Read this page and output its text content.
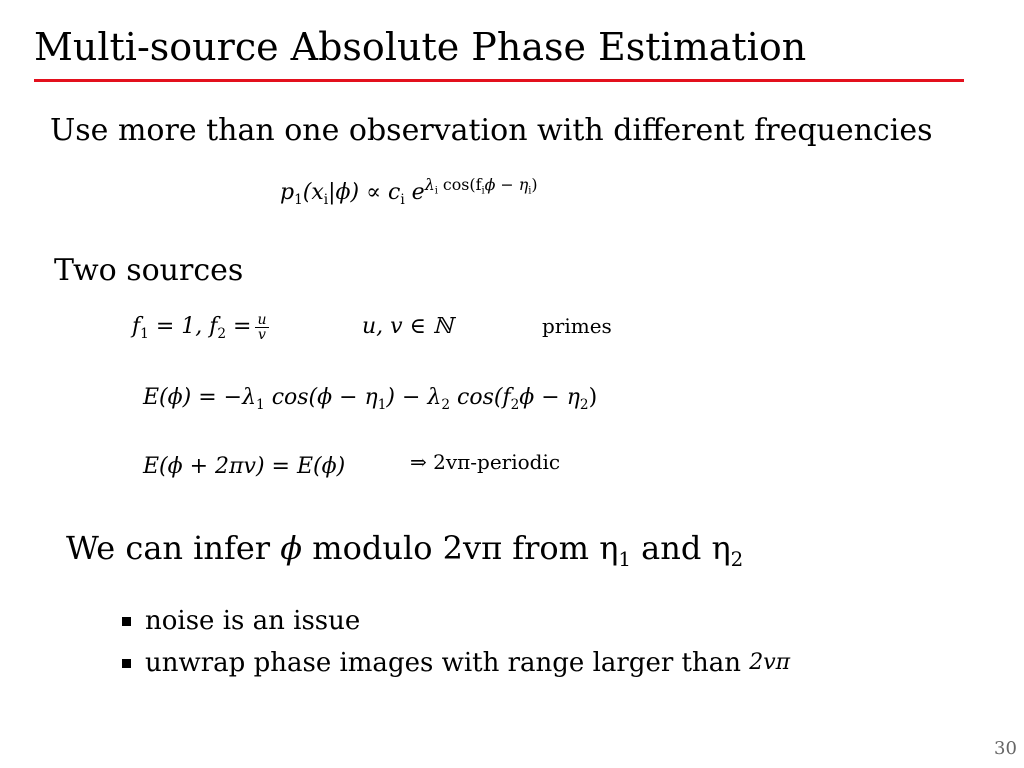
Multi-source Absolute Phase Estimation
Use more than one observation with different frequencies
$p_1(x_i|\phi) \propto c_i$ $e^{\lambda_i cos(f_i\phi - \eta_i)}$
Two sources
$f_1 = 1$, $f_2 = \frac{u}{v}$	u, v ∈ ℕ	primes
$E(\phi) = -\lambda_1$ $\cos(\phi - \eta_1) - \lambda_2$ $\cos(f_2\phi - \eta_2)$
E(ϕ + 2πv) = E(ϕ)	⇒ 2vπ-periodic
We can infer ϕ modulo 2vπ from $\eta_1$ and $\eta_2$
noise is an issue
unwrap phase images with range larger than
2vπ
30
